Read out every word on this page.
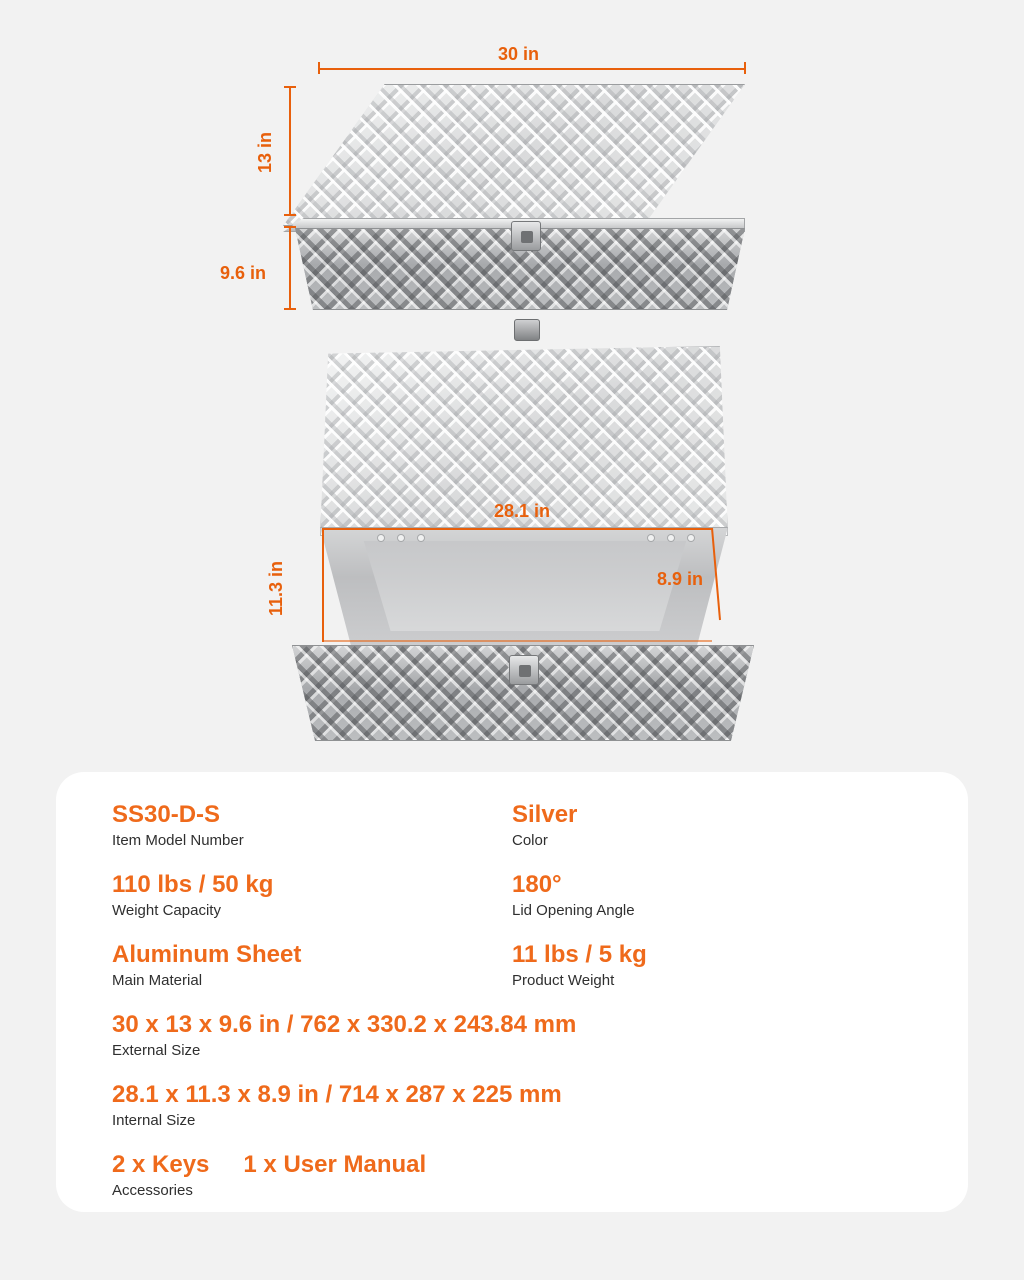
30 in
13 in
9.6 in
28.1 in
11.3 in	8.9 in
SS30-D-S
Item Model Number
Silver
Color
110 lbs / 50 kg
Weight Capacity
180°
Lid Opening Angle
Aluminum Sheet
Main Material
11 lbs / 5 kg
Product Weight
30 x 13 x 9.6 in / 762 x 330.2 x 243.84 mm
External Size
28.1 x 11.3 x 8.9 in / 714 x 287 x 225 mm
Internal Size
2 x Keys 1 x User Manual
Accessories
